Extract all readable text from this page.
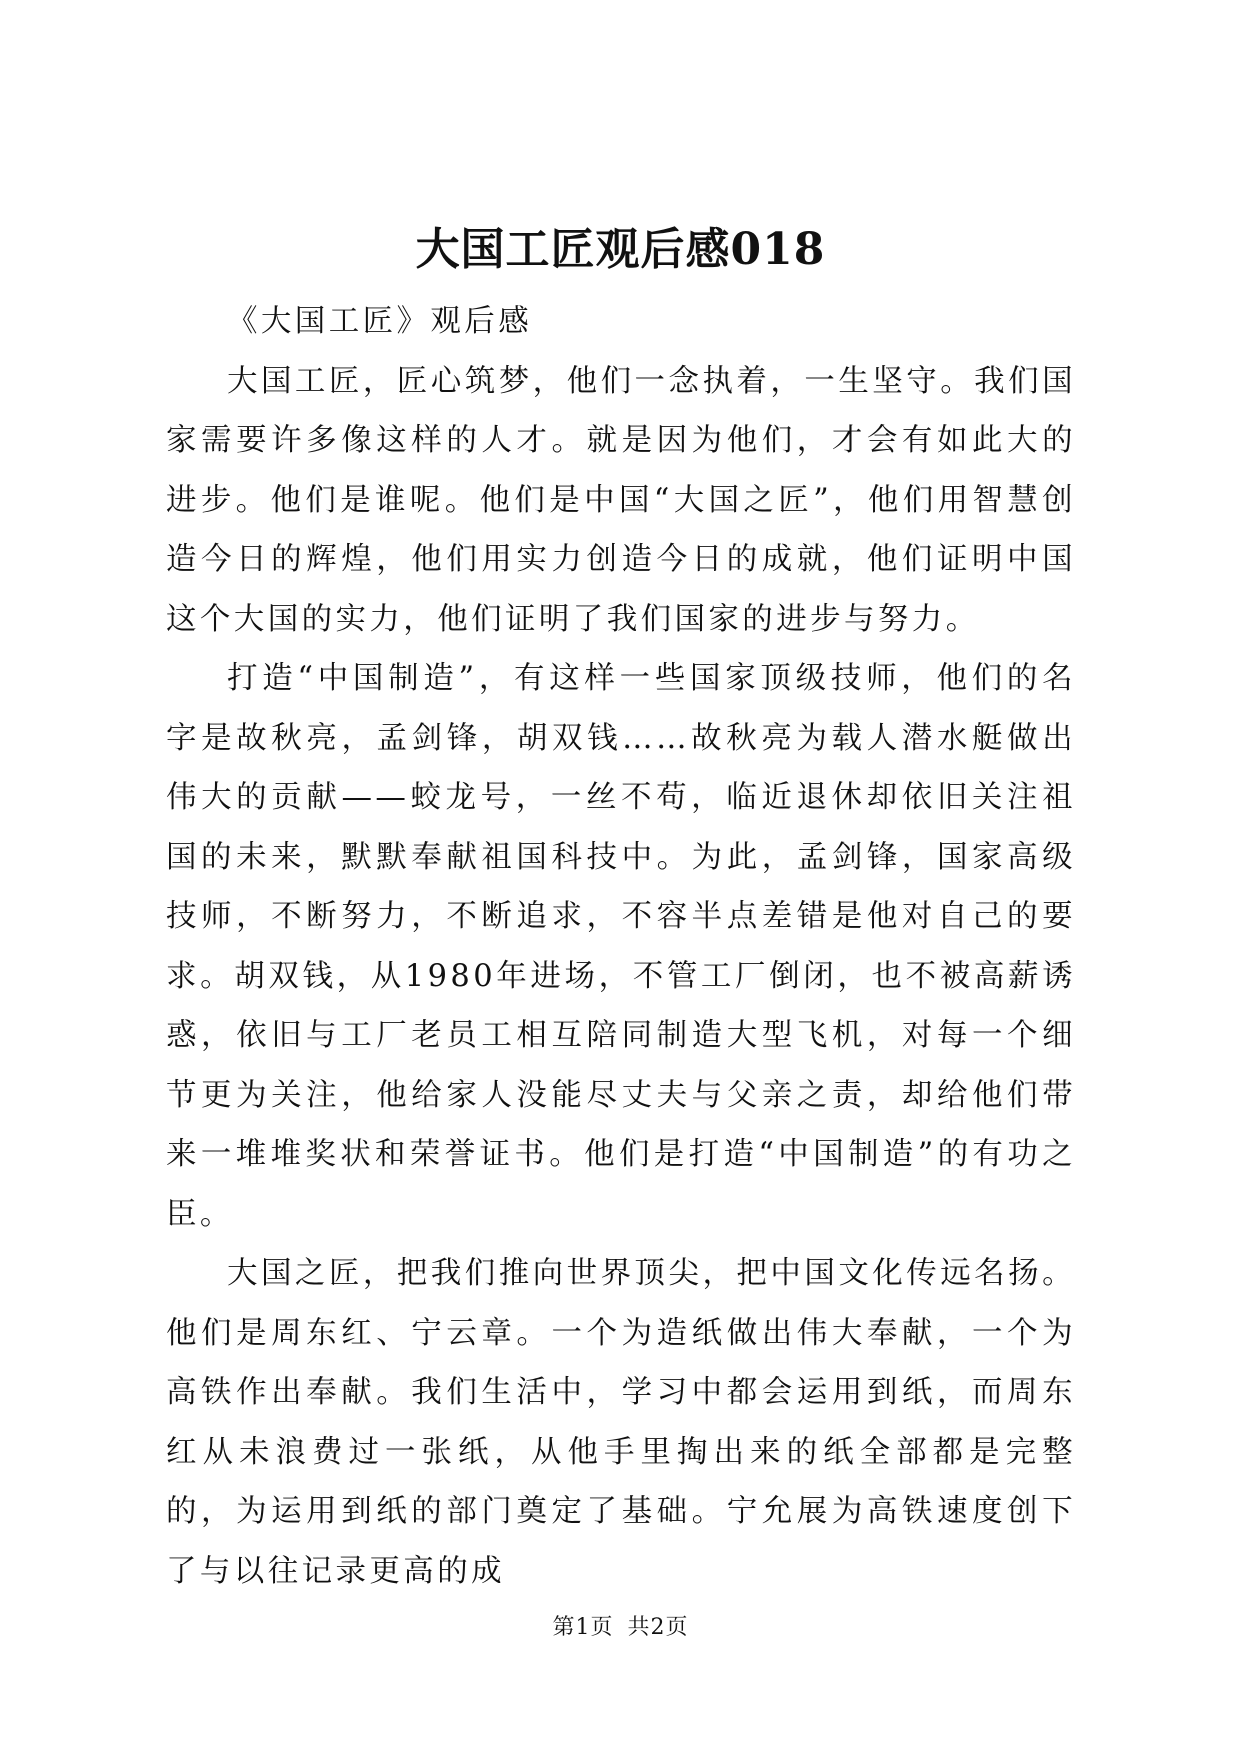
大国工匠观后感018

《大国工匠》观后感

大国工匠，匠心筑梦，他们一念执着，一生坚守。我们国家需要许多像这样的人才。就是因为他们，才会有如此大的进步。他们是谁呢。他们是中国“大国之匠”，他们用智慧创造今日的辉煌，他们用实力创造今日的成就，他们证明中国这个大国的实力，他们证明了我们国家的进步与努力。

打造“中国制造”，有这样一些国家顶级技师，他们的名字是故秋亮，孟剑锋，胡双钱……故秋亮为载人潜水艇做出伟大的贡献——蛟龙号，一丝不苟，临近退休却依旧关注祖国的未来，默默奉献祖国科技中。为此，孟剑锋，国家高级技师，不断努力，不断追求，不容半点差错是他对自己的要求。胡双钱，从1980年进场，不管工厂倒闭，也不被高薪诱惑，依旧与工厂老员工相互陪同制造大型飞机，对每一个细节更为关注，他给家人没能尽丈夫与父亲之责，却给他们带来一堆堆奖状和荣誉证书。他们是打造“中国制造”的有功之臣。

大国之匠，把我们推向世界顶尖，把中国文化传远名扬。他们是周东红、宁云章。一个为造纸做出伟大奉献，一个为高铁作出奉献。我们生活中，学习中都会运用到纸，而周东红从未浪费过一张纸，从他手里掏出来的纸全部都是完整的，为运用到纸的部门奠定了基础。宁允展为高铁速度创下了与以往记录更高的成

第1页 共2页
